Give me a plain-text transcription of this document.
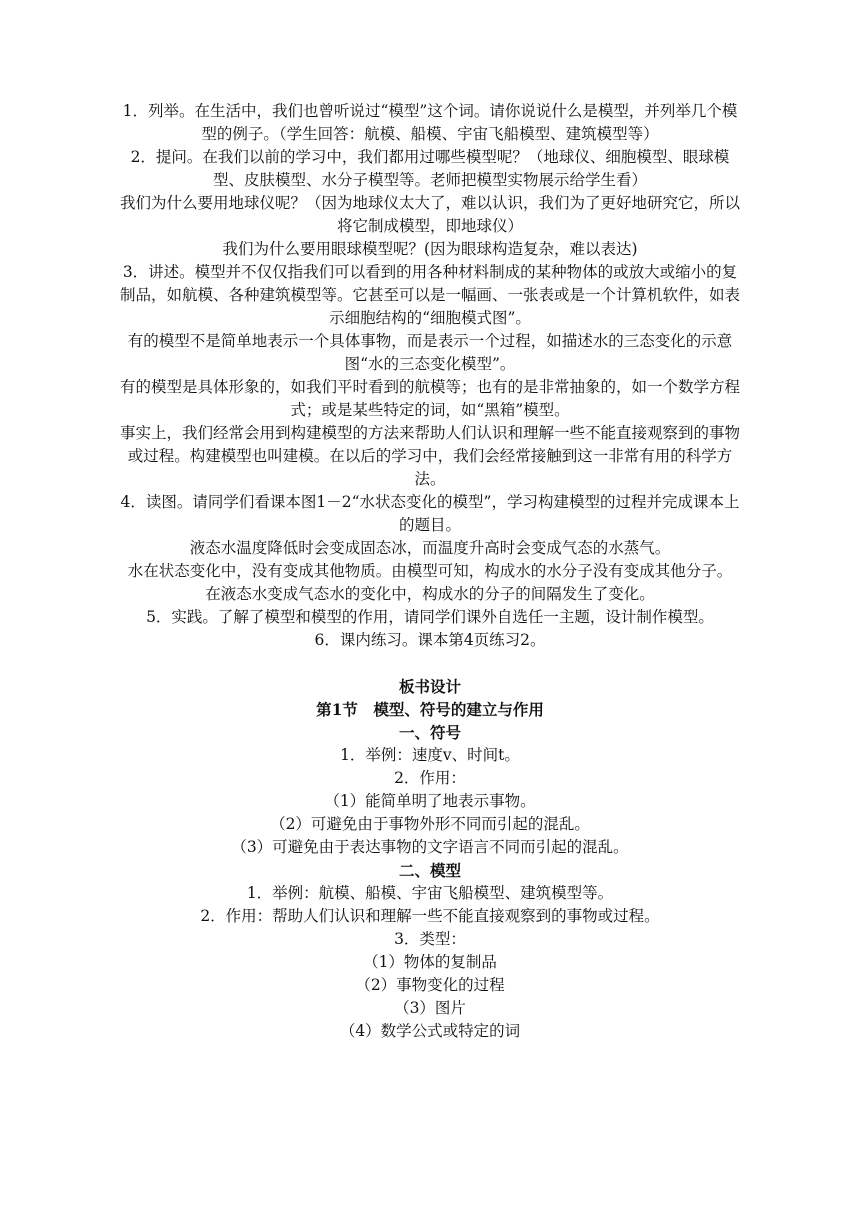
1．列举。在生活中，我们也曾听说过“模型”这个词。请你说说什么是模型，并列举几个模型的例子。（学生回答：航模、船模、宇宙飞船模型、建筑模型等）

2．提问。在我们以前的学习中，我们都用过哪些模型呢？（地球仪、细胞模型、眼球模型、皮肤模型、水分子模型等。老师把模型实物展示给学生看）

我们为什么要用地球仪呢？（因为地球仪太大了，难以认识，我们为了更好地研究它，所以将它制成模型，即地球仪）

我们为什么要用眼球模型呢？(因为眼球构造复杂，难以表达)

3．讲述。模型并不仅仅指我们可以看到的用各种材料制成的某种物体的或放大或缩小的复制品，如航模、各种建筑模型等。它甚至可以是一幅画、一张表或是一个计算机软件，如表示细胞结构的“细胞模式图”。

有的模型不是简单地表示一个具体事物，而是表示一个过程，如描述水的三态变化的示意图“水的三态变化模型”。

有的模型是具体形象的，如我们平时看到的航模等；也有的是非常抽象的，如一个数学方程式；或是某些特定的词，如“黑箱”模型。

事实上，我们经常会用到构建模型的方法来帮助人们认识和理解一些不能直接观察到的事物或过程。构建模型也叫建模。在以后的学习中，我们会经常接触到这一非常有用的科学方法。

4．读图。请同学们看课本图1－2“水状态变化的模型”，学习构建模型的过程并完成课本上的题目。

液态水温度降低时会变成固态冰，而温度升高时会变成气态的水蒸气。

水在状态变化中，没有变成其他物质。由模型可知，构成水的水分子没有变成其他分子。

在液态水变成气态水的变化中，构成水的分子的间隔发生了变化。

5．实践。了解了模型和模型的作用，请同学们课外自选任一主题，设计制作模型。

6．课内练习。课本第4页练习2。

板书设计

第1节　模型、符号的建立与作用

一、符号

1．举例：速度v、时间t。

2．作用：

（1）能简单明了地表示事物。

（2）可避免由于事物外形不同而引起的混乱。

（3）可避免由于表达事物的文字语言不同而引起的混乱。

二、模型

1．举例：航模、船模、宇宙飞船模型、建筑模型等。

2．作用：帮助人们认识和理解一些不能直接观察到的事物或过程。

3．类型：

（1）物体的复制品

（2）事物变化的过程

（3）图片

（4）数学公式或特定的词
